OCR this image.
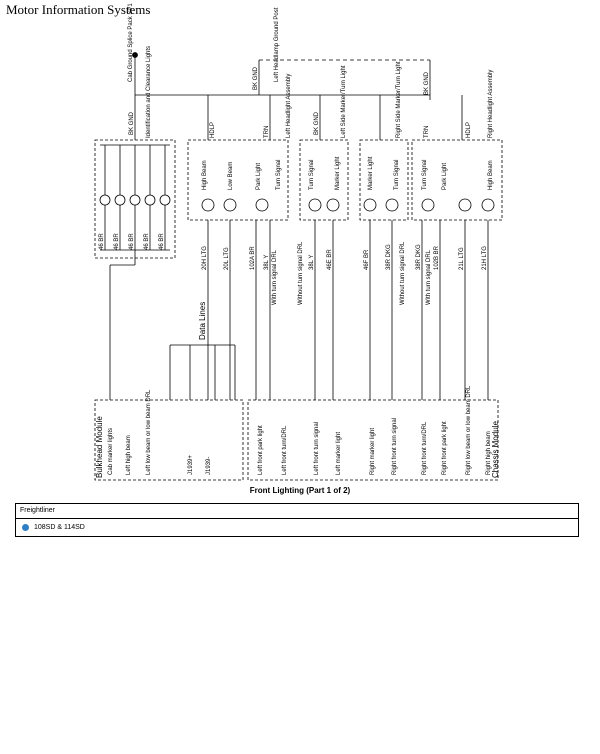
Motor Information Systems
Cab Ground Splice Pack SP1	Left Headlamp Ground Post
Identification and Clearance Lights	Left Headlight Assembly	Left Side Marker/Turn Light	Right Side Marker/Turn Light	Right Headlight Assembly
HDLP	HDLP
TRN	TRN
BK GND
BK GND
BK GND
BK GND
High Beam	Low Beam	Park Light Turn Signal	Turn Signal	Marker Light	Marker Light	Turn Signal	Turn Signal Park Light	High Beam
20H LTG	20L LTG	102A BR 38L Y	38L Y 46E BR	46F BR	38R DKG	38R DKG 102B BR	21L LTG	21H LTG
46 BR 46 BR 46 BR 46 BR 46 BR
With turn signal DRL	Without turn signal DRL	Without turn signal DRL	With turn signal DRL
Data Lines
Bulkhead Module	Chassis Module
Cab marker lights Left high beam Left low beam or low beam DRL	J1939+ J1939-	Left front park light	Left front turn/DRL	Left front turn signal	Left marker light	Right marker light	Right front turn signal	Right front turn/DRL Right front park light	Right low beam or low beam DRL Right high beam
Front Lighting (Part 1 of 2)
Freightliner
108SD & 114SD
